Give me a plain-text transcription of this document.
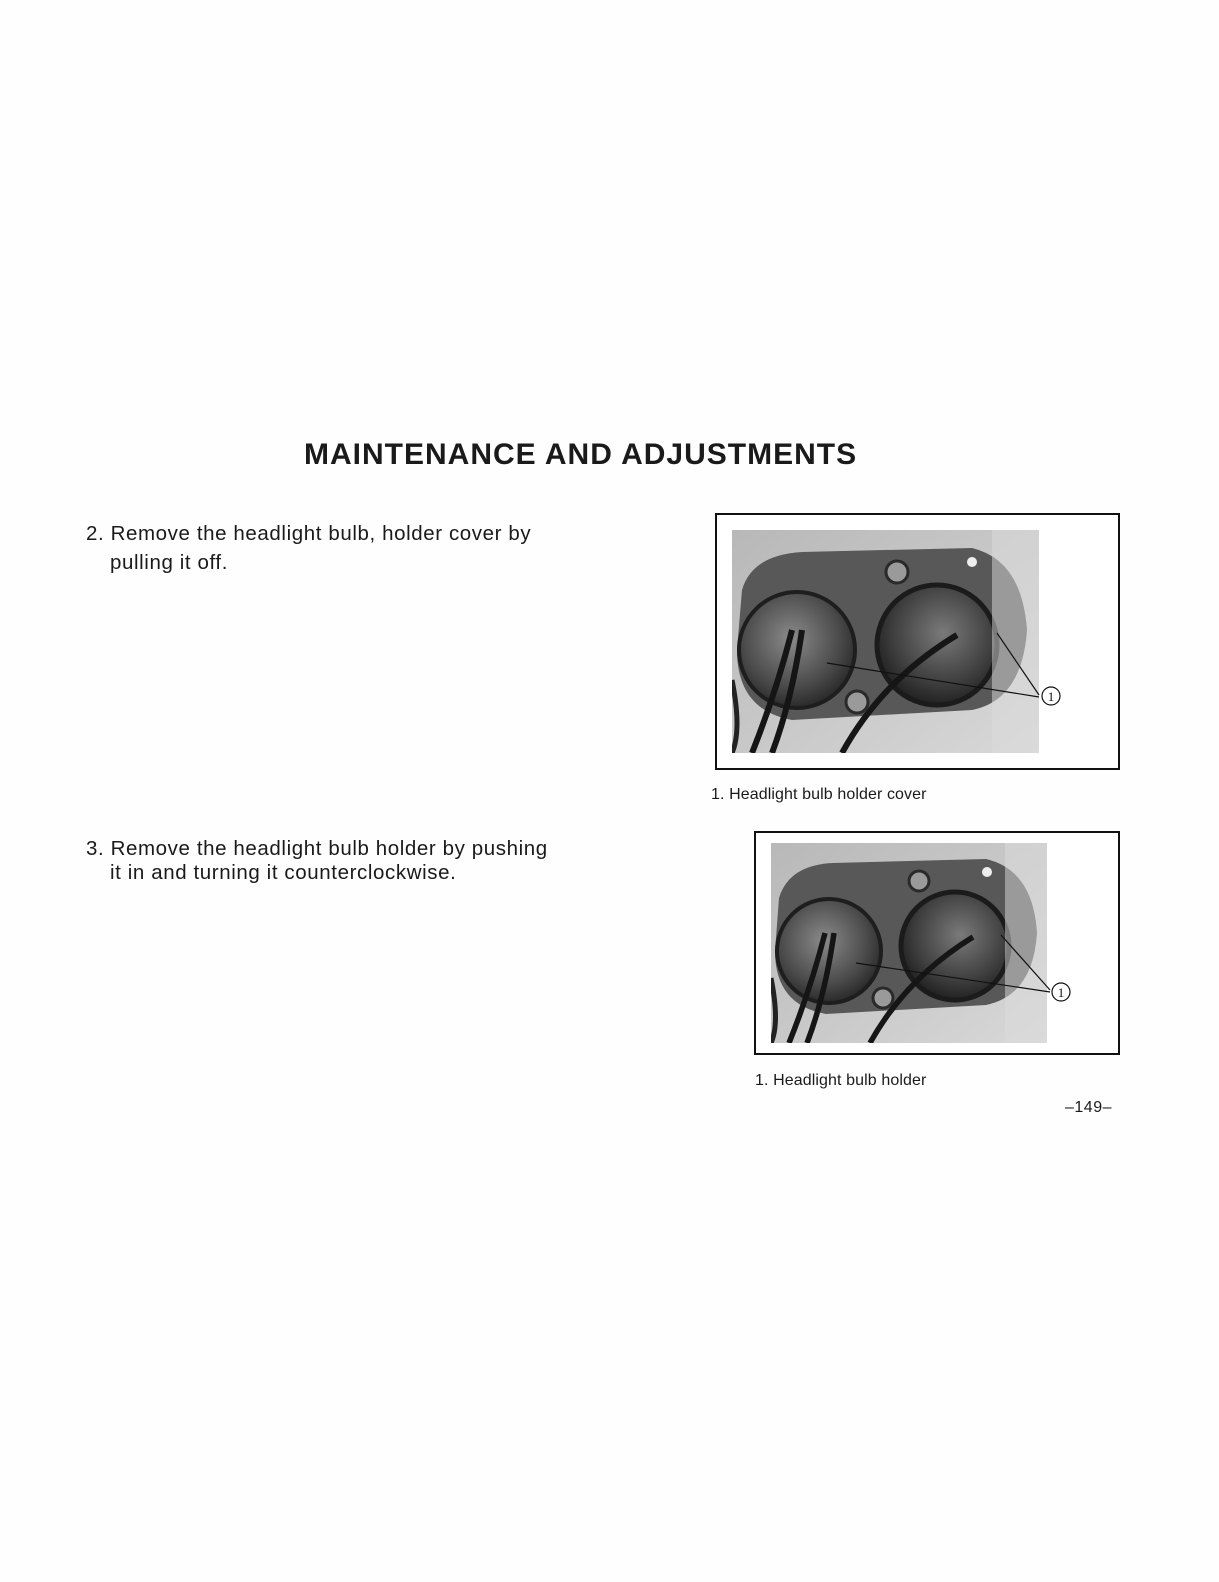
MAINTENANCE AND ADJUSTMENTS
2. Remove the headlight bulb, holder cover by
pulling it off.
3. Remove the headlight bulb holder by pushing
it in and turning it counterclockwise.
1
1. Headlight bulb holder cover
1
1. Headlight bulb holder
–149–
